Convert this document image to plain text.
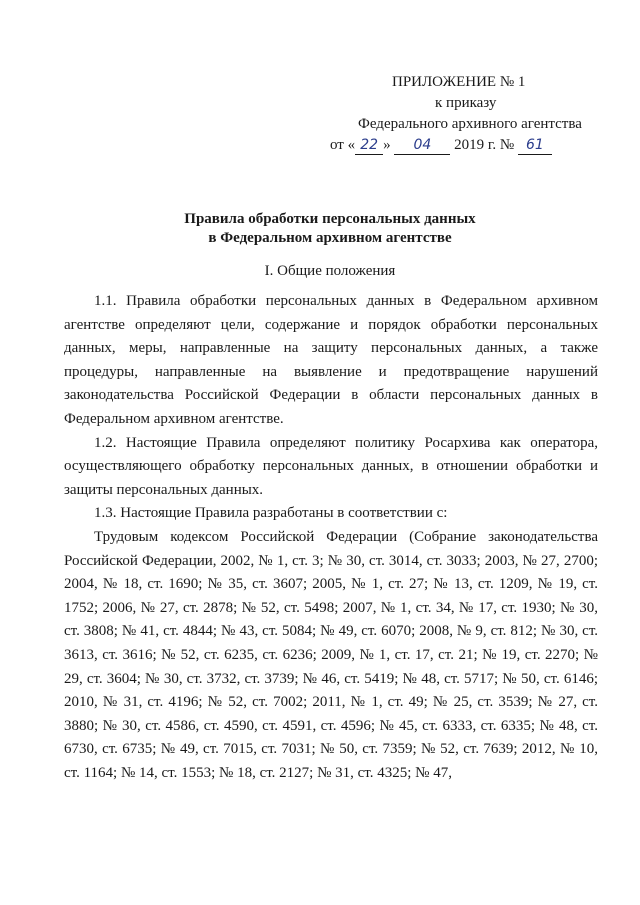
ПРИЛОЖЕНИЕ № 1
к приказу
Федерального архивного агентства
от « 22 » 04 2019 г. № 61
Правила обработки персональных данных
в Федеральном архивном агентстве
I. Общие положения

1.1. Правила обработки персональных данных в Федеральном архивном агентстве определяют цели, содержание и порядок обработки персональных данных, меры, направленные на защиту персональных данных, а также процедуры, направленные на выявление и предотвращение нарушений законодательства Российской Федерации в области персональных данных в Федеральном архивном агентстве.

1.2. Настоящие Правила определяют политику Росархива как оператора, осуществляющего обработку персональных данных, в отношении обработки и защиты персональных данных.

1.3. Настоящие Правила разработаны в соответствии с:

Трудовым кодексом Российской Федерации (Собрание законодательства Российской Федерации, 2002, № 1, ст. 3; № 30, ст. 3014, ст. 3033; 2003, № 27, 2700; 2004, № 18, ст. 1690; № 35, ст. 3607; 2005, № 1, ст. 27; № 13, ст. 1209, № 19, ст. 1752; 2006, № 27, ст. 2878; № 52, ст. 5498; 2007, № 1, ст. 34, № 17, ст. 1930; № 30, ст. 3808; № 41, ст. 4844; № 43, ст. 5084; № 49, ст. 6070; 2008, № 9, ст. 812; № 30, ст. 3613, ст. 3616; № 52, ст. 6235, ст. 6236; 2009, № 1, ст. 17, ст. 21; № 19, ст. 2270; № 29, ст. 3604; № 30, ст. 3732, ст. 3739; № 46, ст. 5419; № 48, ст. 5717; № 50, ст. 6146; 2010, № 31, ст. 4196; № 52, ст. 7002; 2011, № 1, ст. 49; № 25, ст. 3539; № 27, ст. 3880; № 30, ст. 4586, ст. 4590, ст. 4591, ст. 4596; № 45, ст. 6333, ст. 6335; № 48, ст. 6730, ст. 6735; № 49, ст. 7015, ст. 7031; № 50, ст. 7359; № 52, ст. 7639; 2012, № 10, ст. 1164; № 14, ст. 1553; № 18, ст. 2127; № 31, ст. 4325; № 47,
